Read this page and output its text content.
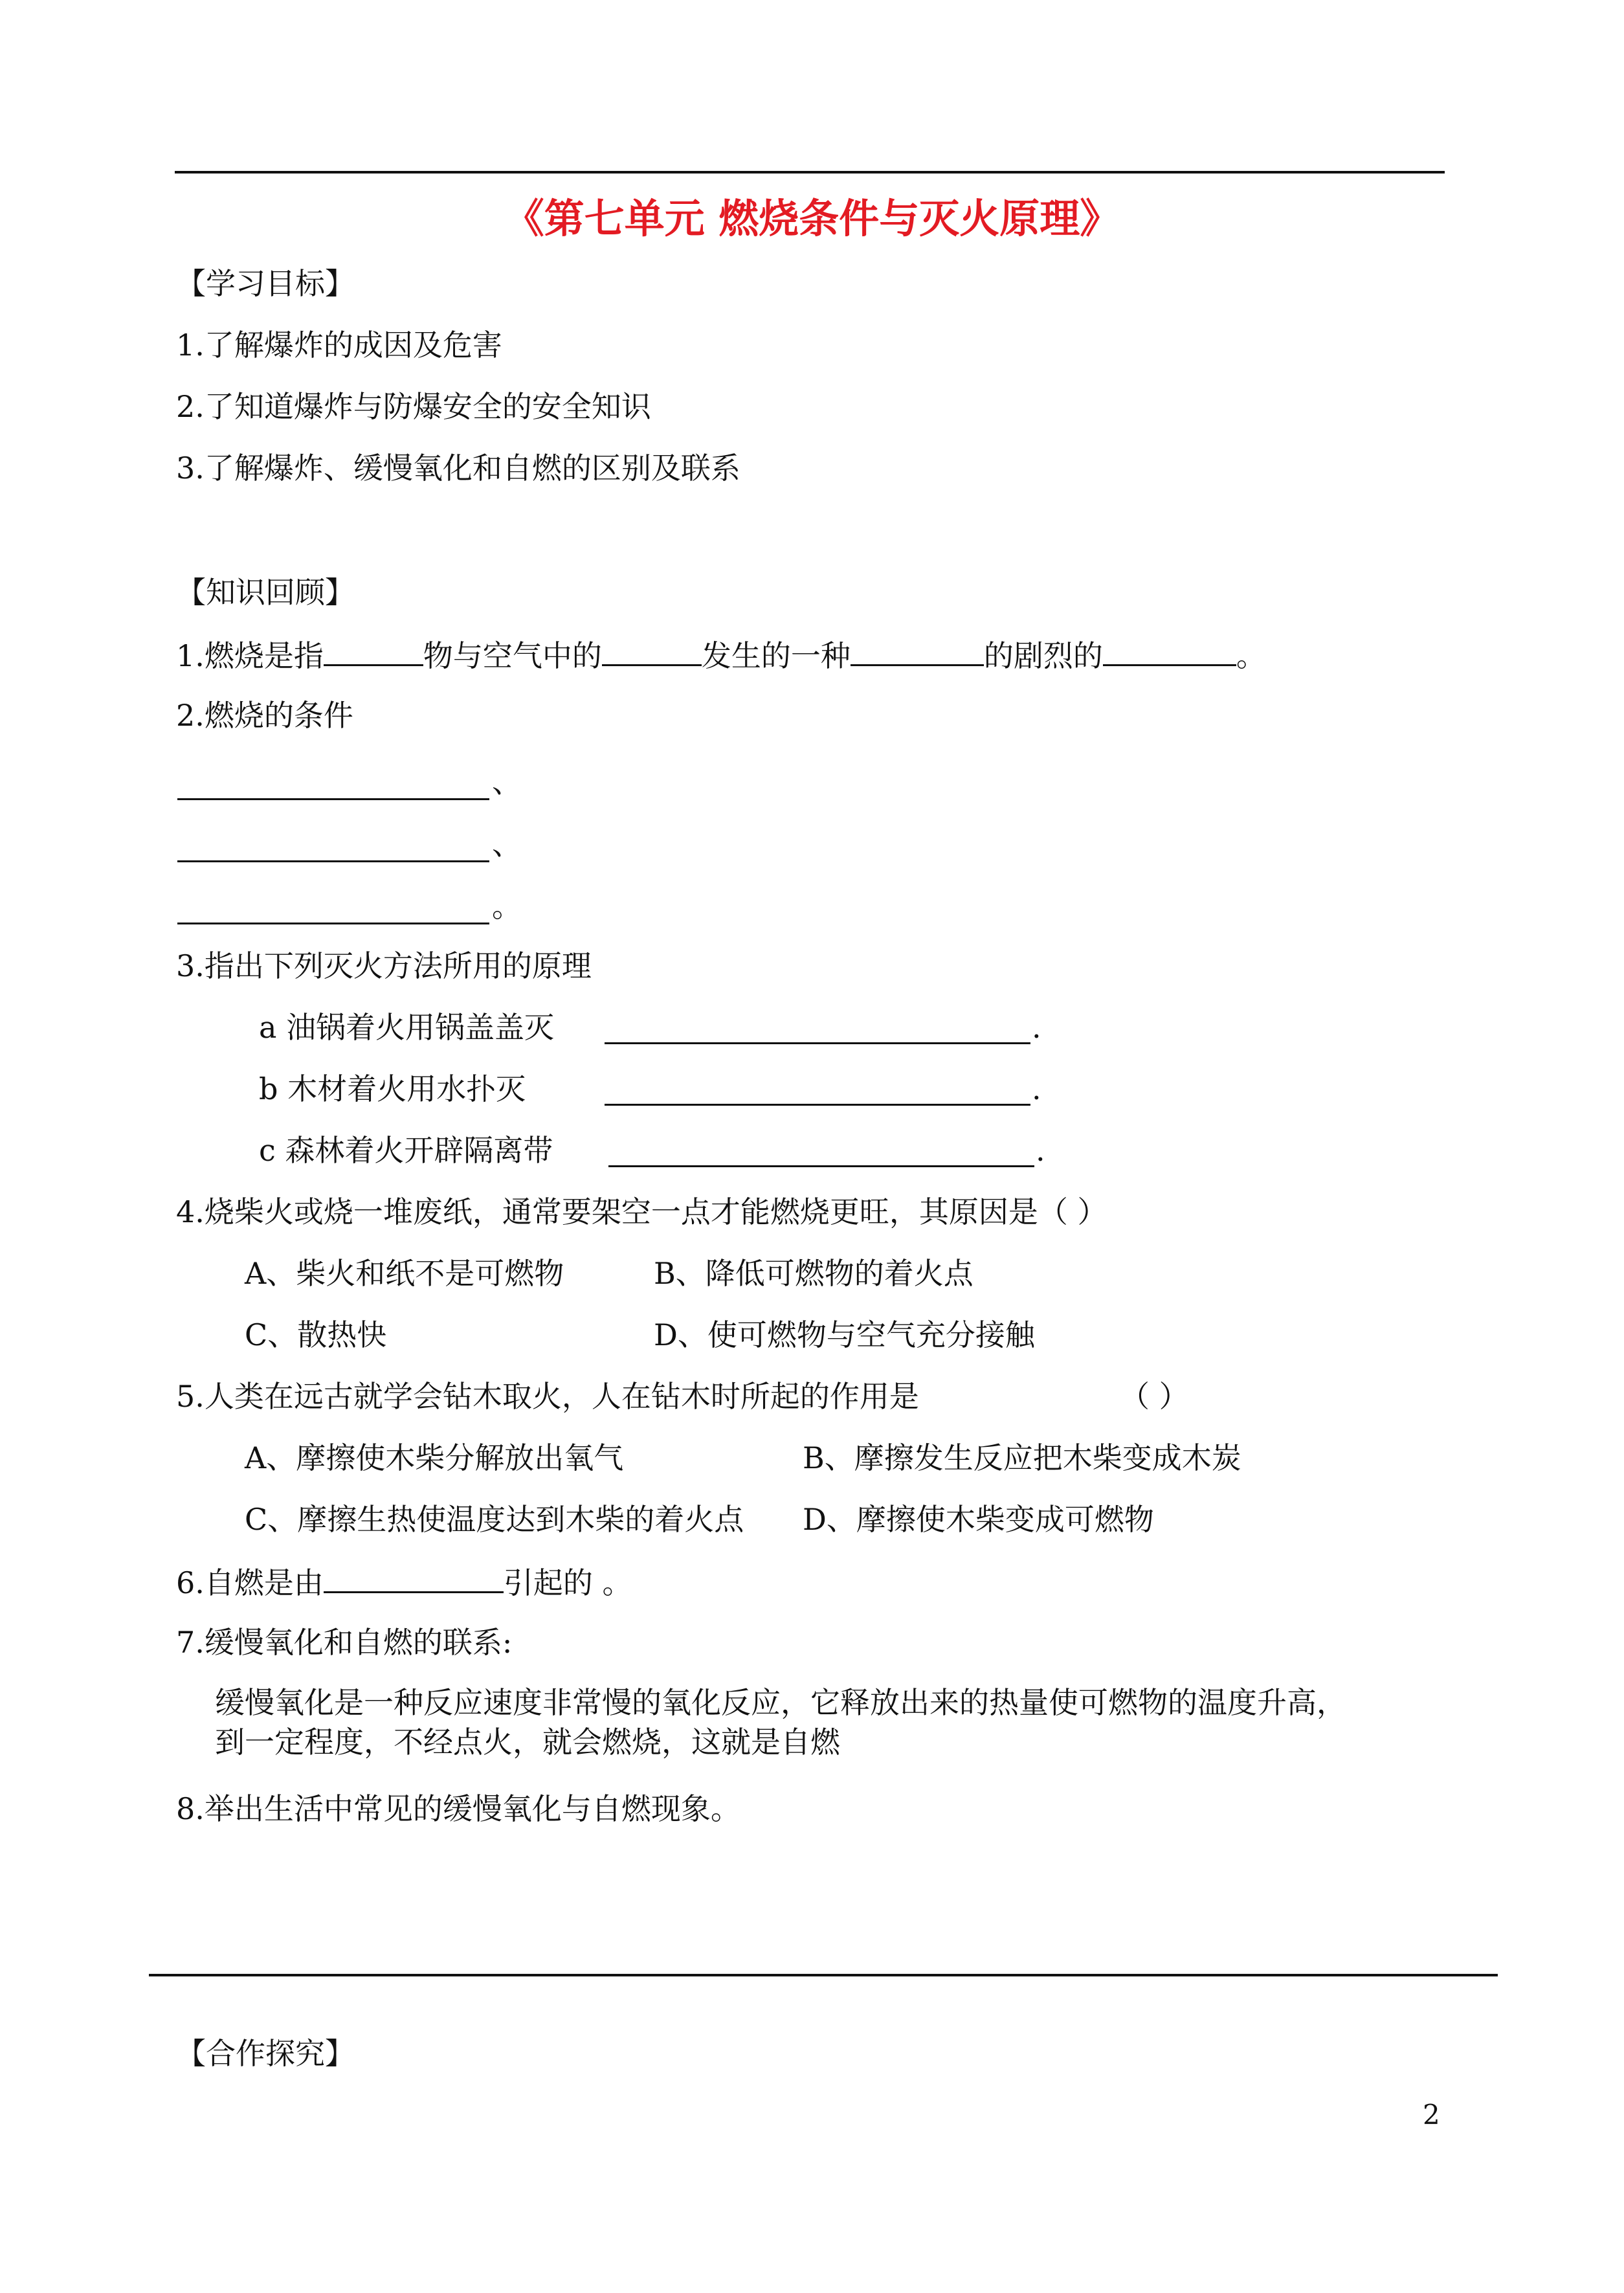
《第七单元 燃烧条件与灭火原理》
【学习目标】
1.了解爆炸的成因及危害
2.了知道爆炸与防爆安全的安全知识
3.了解爆炸、缓慢氧化和自燃的区别及联系
【知识回顾】
1.燃烧是指	物与空气中的	发生的一种	的剧烈的	。
2.燃烧的条件
、
、
。
3.指出下列灭火方法所用的原理
a 油锅着火用锅盖盖灭	.
b 木材着火用水扑灭	.
c 森林着火开辟隔离带	.
4.烧柴火或烧一堆废纸，通常要架空一点才能燃烧更旺，其原因是（ ）
A、柴火和纸不是可燃物	B、降低可燃物的着火点
C、散热快	D、使可燃物与空气充分接触
5.人类在远古就学会钻木取火，人在钻木时所起的作用是	（ ）
A、摩擦使木柴分解放出氧气	B、摩擦发生反应把木柴变成木炭
C、摩擦生热使温度达到木柴的着火点 D、摩擦使木柴变成可燃物
6.自燃是由	引起的 。
7.缓慢氧化和自燃的联系:
缓慢氧化是一种反应速度非常慢的氧化反应，它释放出来的热量使可燃物的温度升高，
到一定程度，不经点火，就会燃烧，这就是自燃
8.举出生活中常见的缓慢氧化与自燃现象。
【合作探究】
2
